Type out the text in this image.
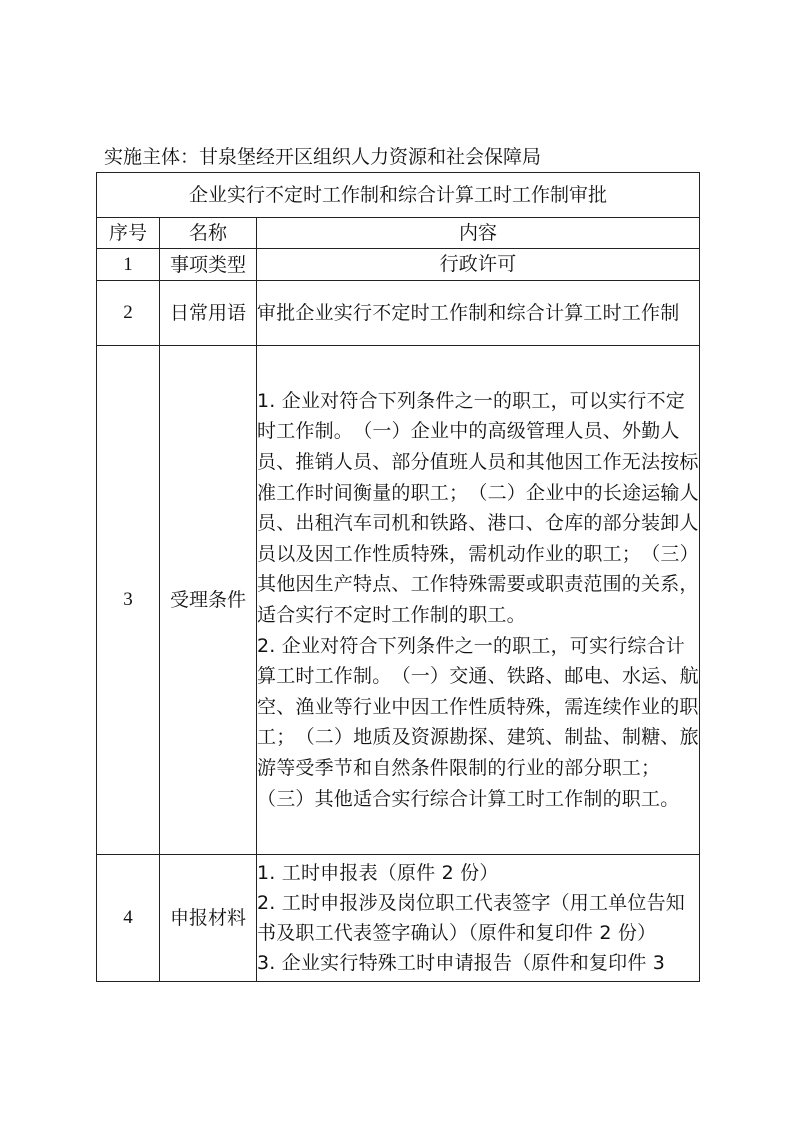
实施主体：甘泉堡经开区组织人力资源和社会保障局
企业实行不定时工作制和综合计算工时工作制审批		
序号	名称	内容
1	事项类型	行政许可
2	日常用语	审批企业实行不定时工作制和综合计算工时工作制

3	受理条件	1. 企业对符合下列条件之一的职工，可以实行不定时工作制。　（一）企业中的高级管理人员、外勤人员、推销人员、部分值班人员和其他因工作无法按标准工作时间衡量的职工；　（二）企业中的长途运输人员、出租汽车司机和铁路、港口、仓库的部分装卸人员以及因工作性质特殊，需机动作业的职工；　（三）其他因生产特点、工作特殊需要或职责范围的关系，适合实行不定时工作制的职工。

2. 企业对符合下列条件之一的职工，可实行综合计算工时工作制。　（一）交通、铁路、邮电、水运、航空、渔业等行业中因工作性质特殊，需连续作业的职工；　（二）地质及资源勘探、建筑、制盐、制糖、旅游等受季节和自然条件限制的行业的部分职工；　（三）其他适合实行综合计算工时工作制的职工。

4	申报材料	1. 工时申报表（原件 2 份）

2. 工时申报涉及岗位职工代表签字（用工单位告知书及职工代表签字确认）（原件和复印件 2 份）

3. 企业实行特殊工时申请报告（原件和复印件 3
